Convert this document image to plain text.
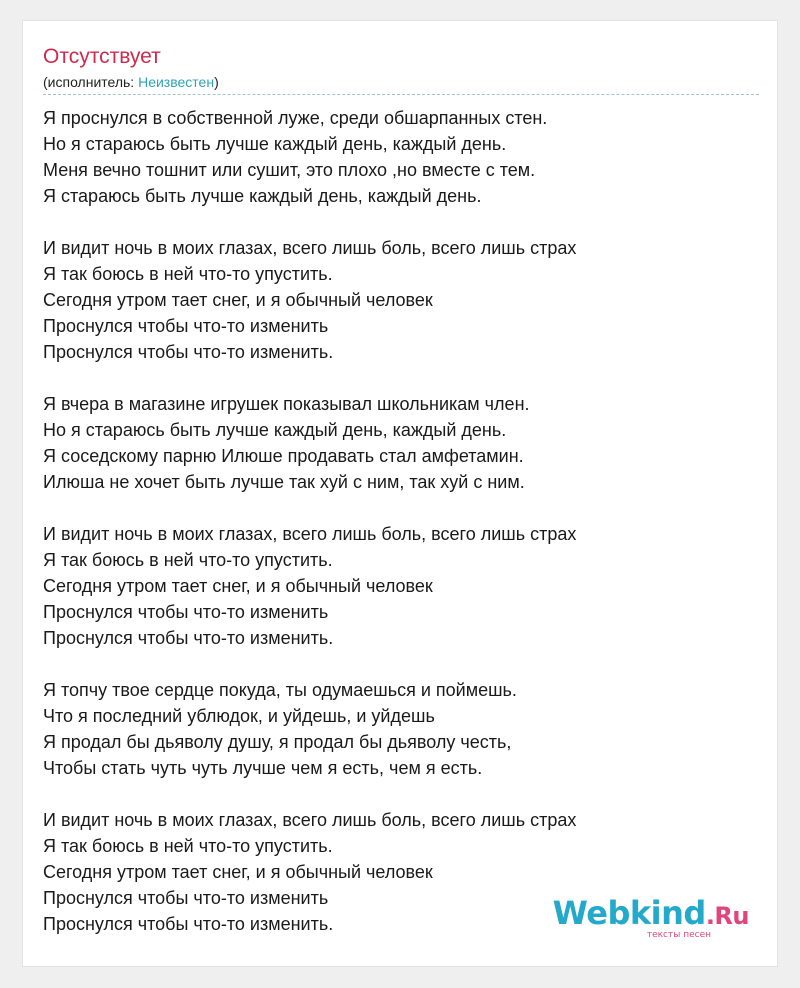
Отсутствует
(исполнитель: Неизвестен)
Я проснулся в собственной луже, среди обшарпанных стен.
Но я стараюсь быть лучше каждый день, каждый день.
Меня вечно тошнит или сушит, это плохо ,но вместе с тем.
Я стараюсь быть лучше каждый день, каждый день.
И видит ночь в моих глазах, всего лишь боль, всего лишь страх
Я так боюсь в ней что-то упустить.
Сегодня утром тает снег, и я обычный человек
Проснулся чтобы что-то изменить
Проснулся чтобы что-то изменить.
Я вчера в магазине игрушек показывал школьникам член.
Но я стараюсь быть лучше каждый день, каждый день.
Я соседскому парню Илюше продавать стал амфетамин.
Илюша не хочет быть лучше так хуй с ним, так хуй с ним.
И видит ночь в моих глазах, всего лишь боль, всего лишь страх
Я так боюсь в ней что-то упустить.
Сегодня утром тает снег, и я обычный человек
Проснулся чтобы что-то изменить
Проснулся чтобы что-то изменить.
Я топчу твое сердце покуда, ты одумаешься и поймешь.
Что я последний ублюдок, и уйдешь, и уйдешь
Я продал бы дьяволу душу, я продал бы дьяволу честь,
Чтобы стать чуть чуть лучше чем я есть, чем я есть.
И видит ночь в моих глазах, всего лишь боль, всего лишь страх
Я так боюсь в ней что-то упустить.
Сегодня утром тает снег, и я обычный человек
Проснулся чтобы что-то изменить
Проснулся чтобы что-то изменить.	Webkind.Ru
тексты песен
